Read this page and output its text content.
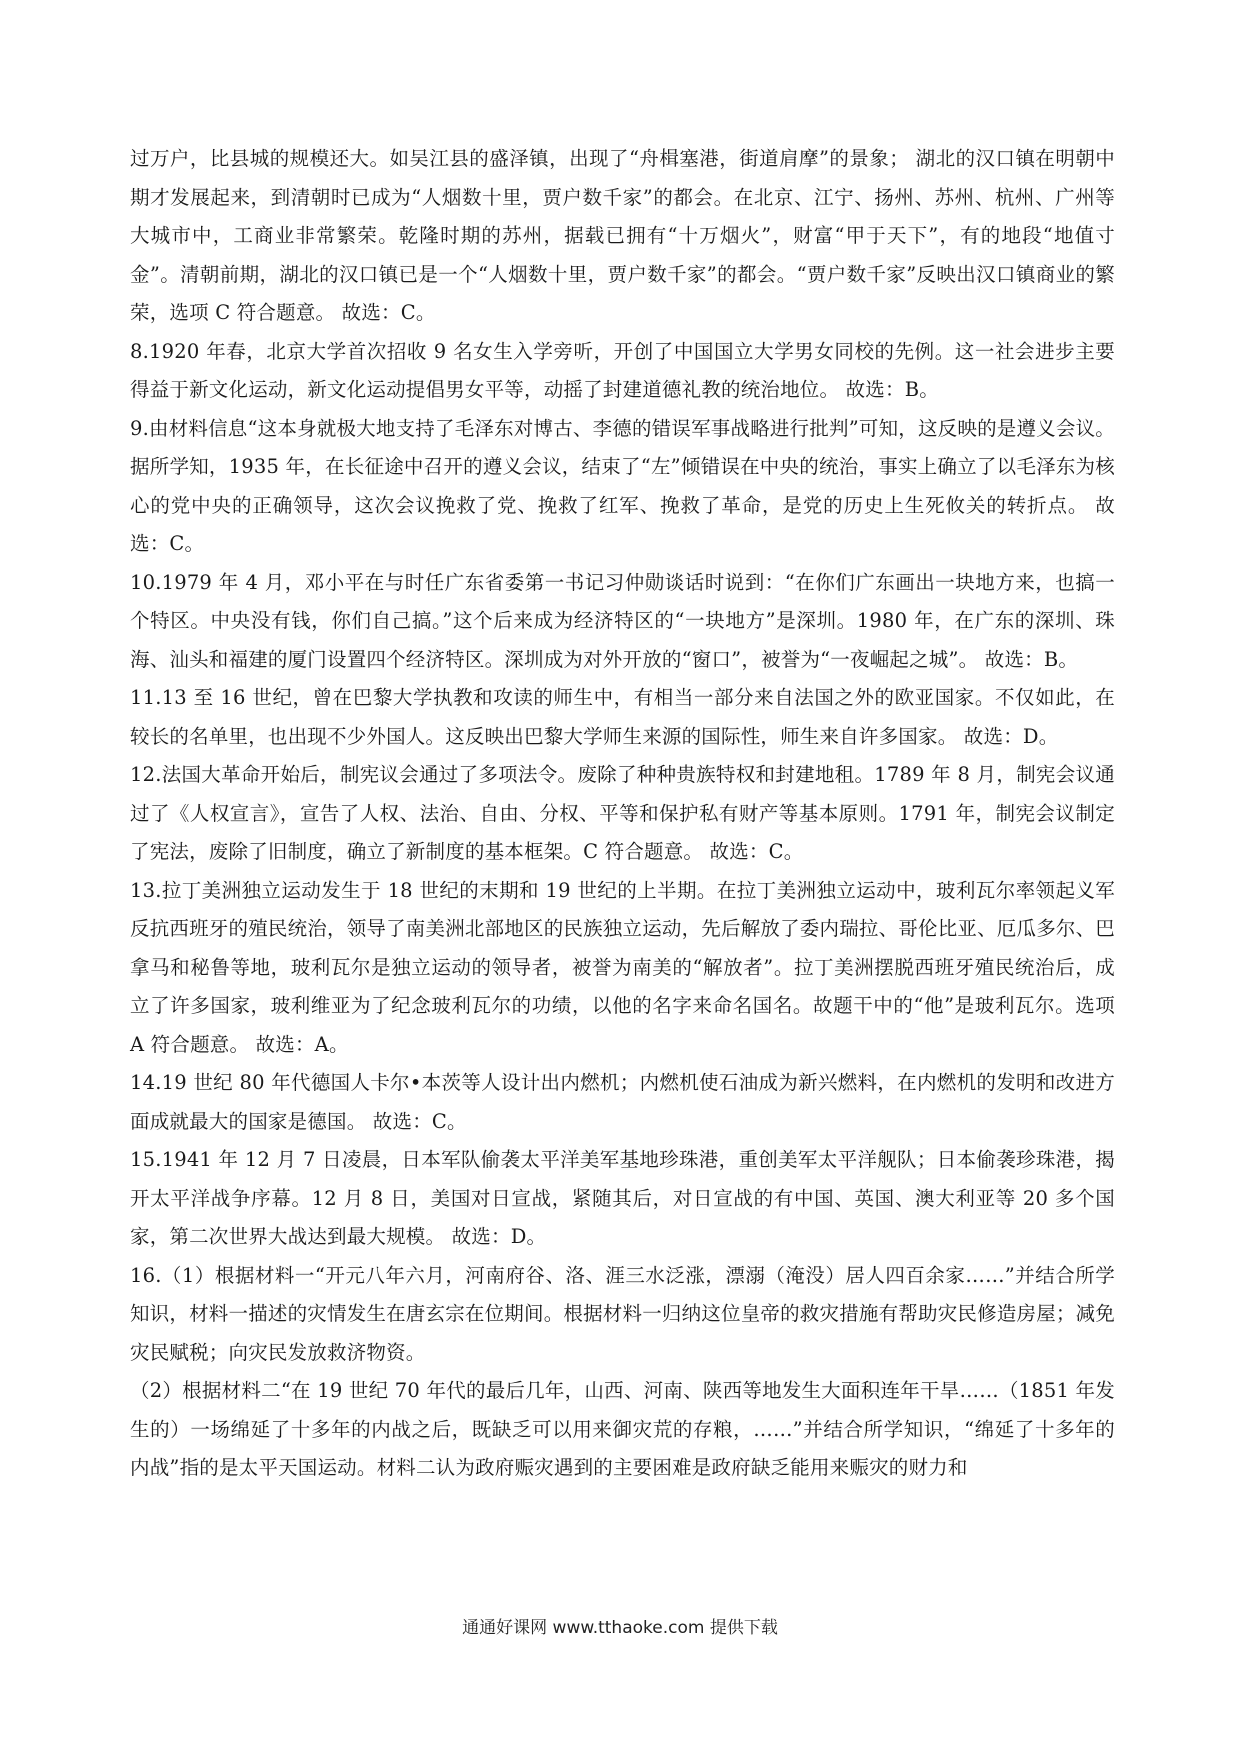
过万户，比县城的规模还大。如吴江县的盛泽镇，出现了“舟楫塞港，街道肩摩”的景象； 湖北的汉口镇在明朝中期才发展起来，到清朝时已成为“人烟数十里，贾户数千家”的都会。在北京、江宁、扬州、苏州、杭州、广州等大城市中，工商业非常繁荣。乾隆时期的苏州，据载已拥有“十万烟火”，财富“甲于天下”，有的地段“地值寸金”。清朝前期，湖北的汉口镇已是一个“人烟数十里，贾户数千家”的都会。“贾户数千家”反映出汉口镇商业的繁荣，选项 C 符合题意。 故选：C。

8.1920 年春，北京大学首次招收 9 名女生入学旁听，开创了中国国立大学男女同校的先例。这一社会进步主要得益于新文化运动，新文化运动提倡男女平等，动摇了封建道德礼教的统治地位。 故选：B。

9.由材料信息“这本身就极大地支持了毛泽东对博古、李德的错误军事战略进行批判”可知，这反映的是遵义会议。据所学知，1935 年，在长征途中召开的遵义会议，结束了“左”倾错误在中央的统治，事实上确立了以毛泽东为核心的党中央的正确领导，这次会议挽救了党、挽救了红军、挽救了革命，是党的历史上生死攸关的转折点。 故选：C。

10.1979 年 4 月，邓小平在与时任广东省委第一书记习仲勋谈话时说到：“在你们广东画出一块地方来，也搞一个特区。中央没有钱，你们自己搞。”这个后来成为经济特区的“一块地方”是深圳。1980 年，在广东的深圳、珠海、汕头和福建的厦门设置四个经济特区。深圳成为对外开放的“窗口”，被誉为“一夜崛起之城”。 故选：B。

11.13 至 16 世纪，曾在巴黎大学执教和攻读的师生中，有相当一部分来自法国之外的欧亚国家。不仅如此，在较长的名单里，也出现不少外国人。这反映出巴黎大学师生来源的国际性，师生来自许多国家。 故选：D。

12.法国大革命开始后，制宪议会通过了多项法令。废除了种种贵族特权和封建地租。1789 年 8 月，制宪会议通过了《人权宣言》，宣告了人权、法治、自由、分权、平等和保护私有财产等基本原则。1791 年，制宪会议制定了宪法，废除了旧制度，确立了新制度的基本框架。C 符合题意。 故选：C。

13.拉丁美洲独立运动发生于 18 世纪的末期和 19 世纪的上半期。在拉丁美洲独立运动中，玻利瓦尔率领起义军反抗西班牙的殖民统治，领导了南美洲北部地区的民族独立运动，先后解放了委内瑞拉、哥伦比亚、厄瓜多尔、巴拿马和秘鲁等地，玻利瓦尔是独立运动的领导者，被誉为南美的“解放者”。拉丁美洲摆脱西班牙殖民统治后，成立了许多国家，玻利维亚为了纪念玻利瓦尔的功绩，以他的名字来命名国名。故题干中的“他”是玻利瓦尔。选项 A 符合题意。 故选：A。

14.19 世纪 80 年代德国人卡尔•本茨等人设计出内燃机；内燃机使石油成为新兴燃料，在内燃机的发明和改进方面成就最大的国家是德国。 故选：C。

15.1941 年 12 月 7 日凌晨，日本军队偷袭太平洋美军基地珍珠港，重创美军太平洋舰队；日本偷袭珍珠港，揭开太平洋战争序幕。12 月 8 日，美国对日宣战，紧随其后，对日宣战的有中国、英国、澳大利亚等 20 多个国家，第二次世界大战达到最大规模。 故选：D。

16.（1）根据材料一“开元八年六月，河南府谷、洛、涯三水泛涨，漂溺（淹没）居人四百余家……”并结合所学知识，材料一描述的灾情发生在唐玄宗在位期间。根据材料一归纳这位皇帝的救灾措施有帮助灾民修造房屋；减免灾民赋税；向灾民发放救济物资。

（2）根据材料二“在 19 世纪 70 年代的最后几年，山西、河南、陕西等地发生大面积连年干旱……（1851 年发生的）一场绵延了十多年的内战之后，既缺乏可以用来御灾荒的存粮，……”并结合所学知识，“绵延了十多年的内战”指的是太平天国运动。材料二认为政府赈灾遇到的主要困难是政府缺乏能用来赈灾的财力和

通通好课网 www.tthaoke.com 提供下载
